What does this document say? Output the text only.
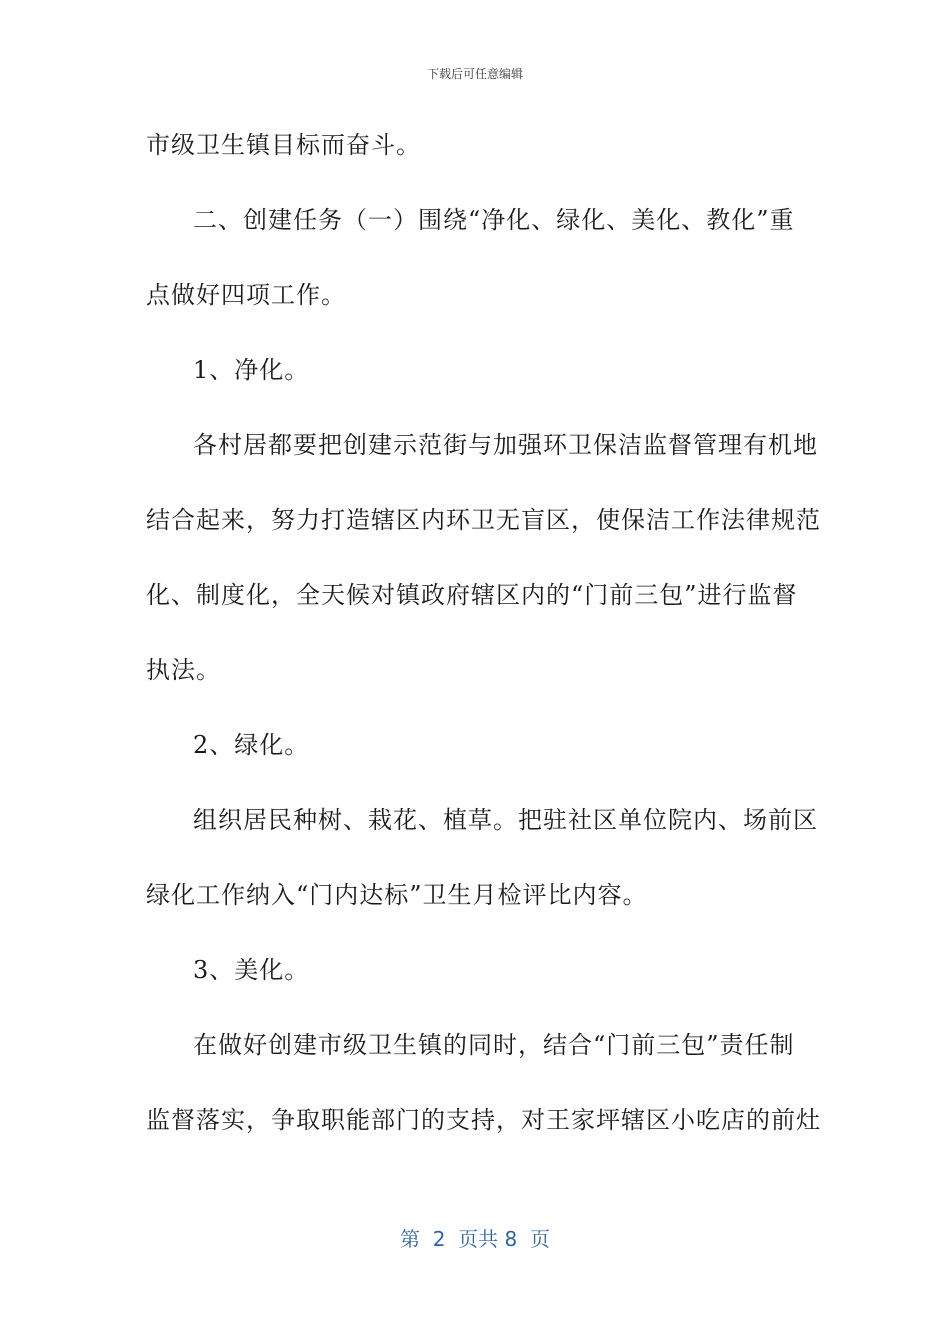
下载后可任意编辑
市级卫生镇目标而奋斗。
二、创建任务（一）围绕“净化、绿化、美化、教化”重
点做好四项工作。
1、净化。
各村居都要把创建示范街与加强环卫保洁监督管理有机地
结合起来，努力打造辖区内环卫无盲区，使保洁工作法律规范
化、制度化，全天候对镇政府辖区内的“门前三包”进行监督
执法。
2、绿化。
组织居民种树、栽花、植草。把驻社区单位院内、场前区
绿化工作纳入“门内达标”卫生月检评比内容。
3、美化。
在做好创建市级卫生镇的同时，结合“门前三包”责任制
监督落实，争取职能部门的支持，对王家坪辖区小吃店的前灶
第  2  页共 8  页
